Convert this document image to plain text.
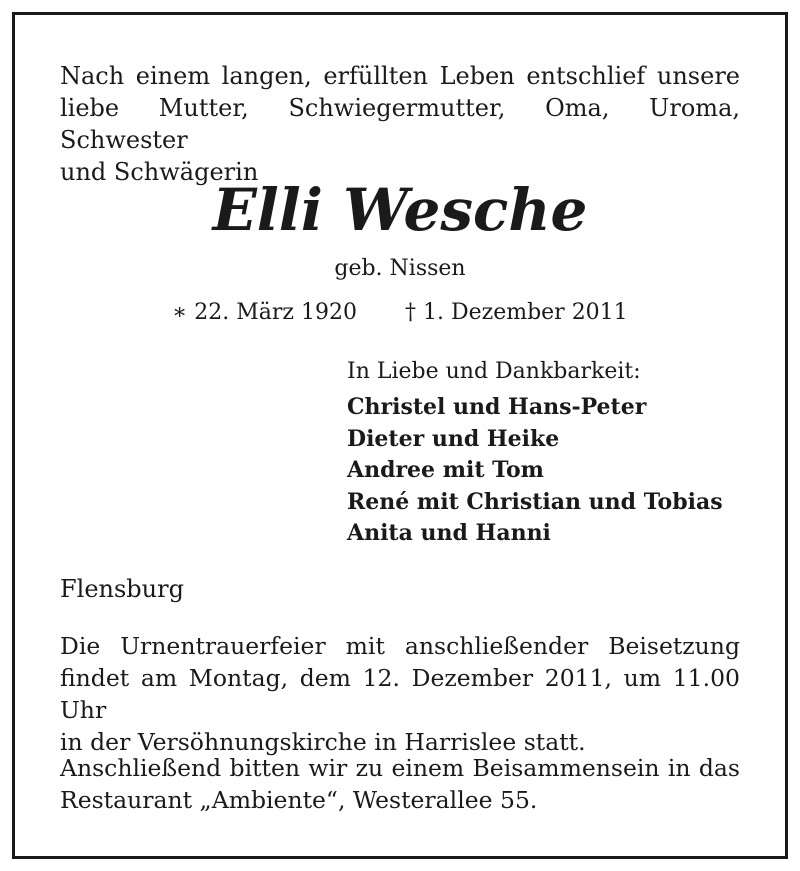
Nach einem langen, erfüllten Leben entschlief unsere
liebe Mutter, Schwiegermutter, Oma, Uroma, Schwester
und Schwägerin
Elli Wesche
geb. Nissen
∗ 22. März 1920 † 1. Dezember 2011
In Liebe und Dankbarkeit:
Christel und Hans-Peter
Dieter und Heike
Andree mit Tom
René mit Christian und Tobias
Anita und Hanni
Flensburg
Die Urnentrauerfeier mit anschließender Beisetzung
findet am Montag, dem 12. Dezember 2011, um 11.00 Uhr
in der Versöhnungskirche in Harrislee statt.
Anschließend bitten wir zu einem Beisammensein in das
Restaurant „Ambiente“, Westerallee 55.
